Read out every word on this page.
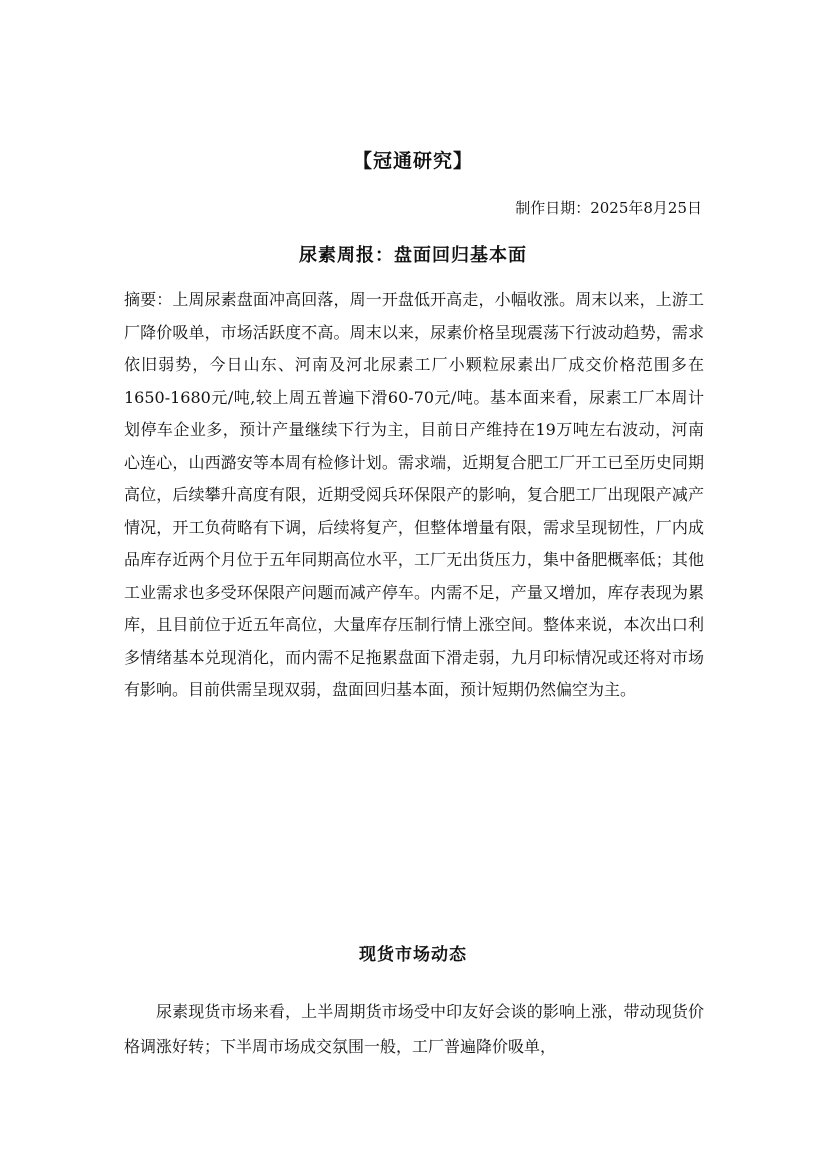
【冠通研究】
制作日期：2025年8月25日
尿素周报：盘面回归基本面

摘要：上周尿素盘面冲高回落，周一开盘低开高走，小幅收涨。周末以来，上游工厂降价吸单，市场活跃度不高。周末以来，尿素价格呈现震荡下行波动趋势，需求依旧弱势，今日山东、河南及河北尿素工厂小颗粒尿素出厂成交价格范围多在1650-1680元/吨,较上周五普遍下滑60-70元/吨。基本面来看，尿素工厂本周计划停车企业多，预计产量继续下行为主，目前日产维持在19万吨左右波动，河南心连心，山西潞安等本周有检修计划。需求端，近期复合肥工厂开工已至历史同期高位，后续攀升高度有限，近期受阅兵环保限产的影响，复合肥工厂出现限产减产情况，开工负荷略有下调，后续将复产，但整体增量有限，需求呈现韧性，厂内成品库存近两个月位于五年同期高位水平，工厂无出货压力，集中备肥概率低；其他工业需求也多受环保限产问题而减产停车。内需不足，产量又增加，库存表现为累库，且目前位于近五年高位，大量库存压制行情上涨空间。整体来说，本次出口利多情绪基本兑现消化，而内需不足拖累盘面下滑走弱，九月印标情况或还将对市场有影响。目前供需呈现双弱，盘面回归基本面，预计短期仍然偏空为主。

现货市场动态

尿素现货市场来看，上半周期货市场受中印友好会谈的影响上涨，带动现货价格调涨好转；下半周市场成交氛围一般，工厂普遍降价吸单，
